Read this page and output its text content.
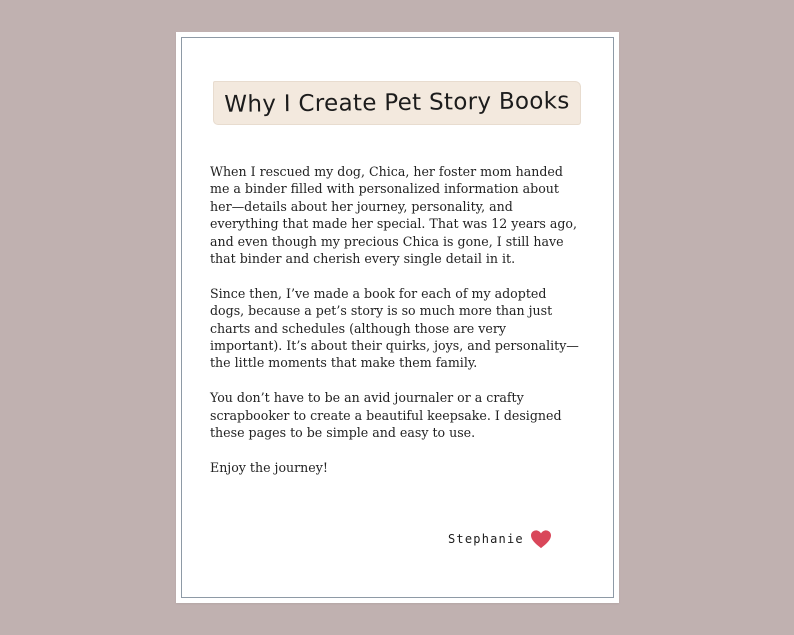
Why I Create Pet Story Books

When I rescued my dog, Chica, her foster mom handed me a binder filled with personalized information about her—details about her journey, personality, and everything that made her special. That was 12 years ago, and even though my precious Chica is gone, I still have that binder and cherish every single detail in it.

Since then, I’ve made a book for each of my adopted dogs, because a pet’s story is so much more than just charts and schedules (although those are very important). It’s about their quirks, joys, and personality—the little moments that make them family.

You don’t have to be an avid journaler or a crafty scrapbooker to create a beautiful keepsake. I designed these pages to be simple and easy to use.

Enjoy the journey!

Stephanie
